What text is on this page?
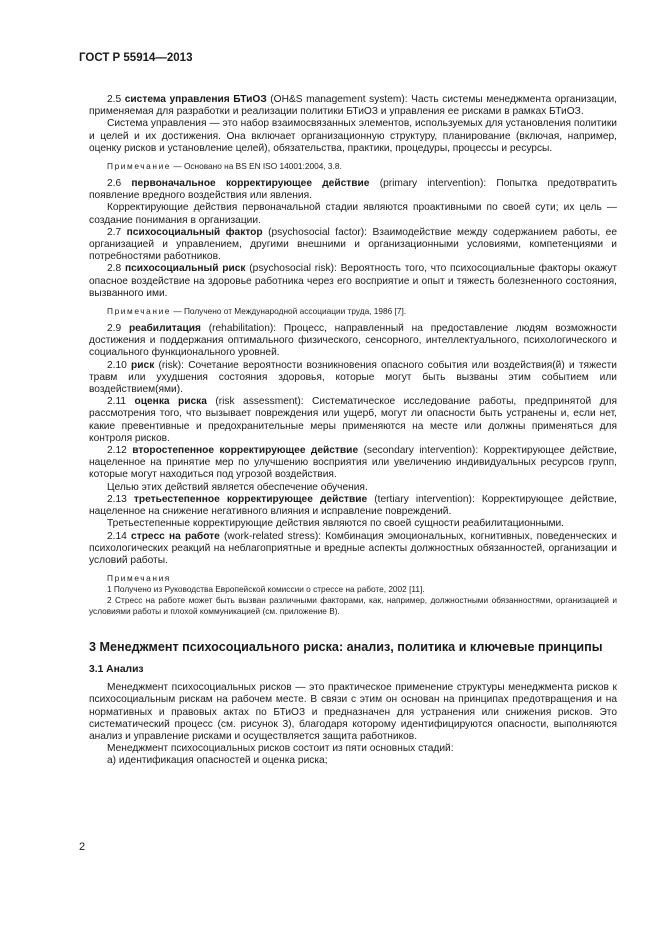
ГОСТ Р 55914—2013

2.5 система управления БТиОЗ (OH&S management system): Часть системы менеджмента организации, применяемая для разработки и реализации политики БТиОЗ и управления ее рисками в рамках БТиОЗ.

Система управления — это набор взаимосвязанных элементов, используемых для установления политики и целей и их достижения. Она включает организационную структуру, планирование (включая, например, оценку рисков и установление целей), обязательства, практики, процедуры, процессы и ресурсы.

Примечание — Основано на BS EN ISO 14001:2004, 3.8.

2.6 первоначальное корректирующее действие (primary intervention): Попытка предотвратить появление вредного воздействия или явления.

Корректирующие действия первоначальной стадии являются проактивными по своей сути; их цель — создание понимания в организации.

2.7 психосоциальный фактор (psychosocial factor): Взаимодействие между содержанием работы, ее организацией и управлением, другими внешними и организационными условиями, компетенциями и потребностями работников.

2.8 психосоциальный риск (psychosocial risk): Вероятность того, что психосоциальные факторы окажут опасное воздействие на здоровье работника через его восприятие и опыт и тяжесть болезненного состояния, вызванного ими.

Примечание — Получено от Международной ассоциации труда, 1986 [7].

2.9 реабилитация (rehabilitation): Процесс, направленный на предоставление людям возможности достижения и поддержания оптимального физического, сенсорного, интеллектуального, психологического и социального функционального уровней.

2.10 риск (risk): Сочетание вероятности возникновения опасного события или воздействия(й) и тяжести травм или ухудшения состояния здоровья, которые могут быть вызваны этим событием или воздействием(ями).

2.11 оценка риска (risk assessment): Систематическое исследование работы, предпринятой для рассмотрения того, что вызывает повреждения или ущерб, могут ли опасности быть устранены и, если нет, какие превентивные и предохранительные меры применяются на месте или должны применяться для контроля рисков.

2.12 второстепенное корректирующее действие (secondary intervention): Корректирующее действие, нацеленное на принятие мер по улучшению восприятия или увеличению индивидуальных ресурсов групп, которые могут находиться под угрозой воздействия.

Целью этих действий является обеспечение обучения.

2.13 третьестепенное корректирующее действие (tertiary intervention): Корректирующее действие, нацеленное на снижение негативного влияния и исправление повреждений.

Третьестепенные корректирующие действия являются по своей сущности реабилитационными.

2.14 стресс на работе (work-related stress): Комбинация эмоциональных, когнитивных, поведенческих и психологических реакций на неблагоприятные и вредные аспекты должностных обязанностей, организации и условий работы.

Примечания

1 Получено из Руководства Европейской комиссии о стрессе на работе, 2002 [11].

2 Стресс на работе может быть вызван различными факторами, как, например, должностными обязанностями, организацией и условиями работы и плохой коммуникацией (см. приложение В).

3 Менеджмент психосоциального риска: анализ, политика и ключевые принципы
3.1 Анализ

Менеджмент психосоциальных рисков — это практическое применение структуры менеджмента рисков к психосоциальным рискам на рабочем месте. В связи с этим он основан на принципах предотвращения и на нормативных и правовых актах по БТиОЗ и предназначен для устранения или снижения рисков. Это систематический процесс (см. рисунок 3), благодаря которому идентифицируются опасности, выполняются анализ и управление рисками и осуществляется защита работников.

Менеджмент психосоциальных рисков состоит из пяти основных стадий:

а) идентификация опасностей и оценка риска;

2
